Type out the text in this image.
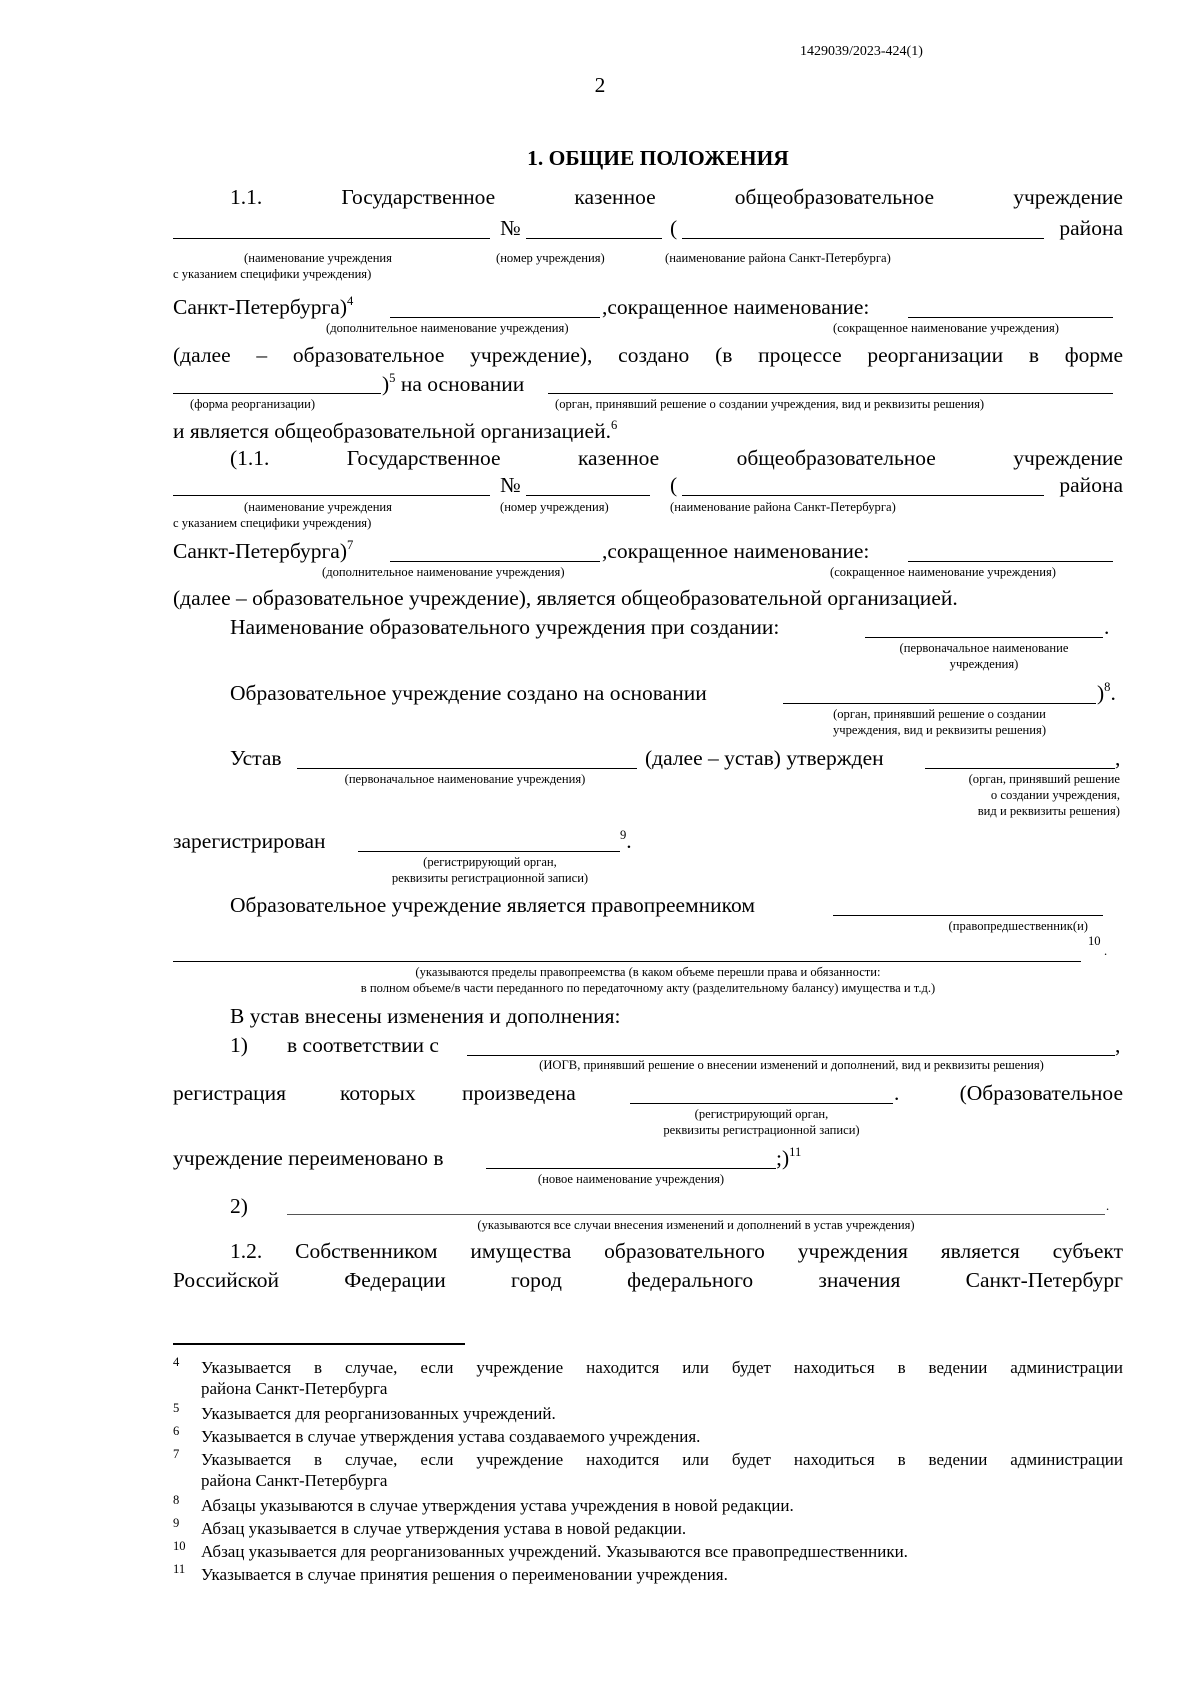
1429039/2023-424(1)
2
1. ОБЩИЕ ПОЛОЖЕНИЯ
1.1.	Государственное	казенное	общеобразовательное	учреждение
№	(	района
(наименование учреждения
с указанием специфики учреждения)
(номер учреждения)	(наименование района Санкт-Петербурга)
Санкт-Петербурга)$^4$	,сокращенное наименование:
(дополнительное наименование учреждения)	(сокращенное наименование учреждения)
(далее – образовательное учреждение), создано (в процессе реорганизации в форме
)$^5$ на основании
(форма реорганизации)	(орган, принявший решение о создании учреждения, вид и реквизиты решения)
и является общеобразовательной организацией.$^6$
(1.1.	Государственное	казенное	общеобразовательное	учреждение
№	(	района
(наименование учреждения
с указанием специфики учреждения)
(номер учреждения)	(наименование района Санкт-Петербурга)
Санкт-Петербурга)$^7$	,сокращенное наименование:
(дополнительное наименование учреждения)	(сокращенное наименование учреждения)
(далее – образовательное учреждение), является общеобразовательной организацией.
Наименование образовательного учреждения при создании:	.
(первоначальное наименование
учреждения)
Образовательное учреждение создано на основании	)$^8$.
(орган, принявший решение о создании
учреждения, вид и реквизиты решения)
Устав	(далее – устав) утвержден	,
(первоначальное наименование учреждения)	(орган, принявший решение
о создании учреждения,
вид и реквизиты решения)
зарегистрирован	$^9$.
(регистрирующий орган,
реквизиты регистрационной записи)
Образовательное учреждение является правопреемником
(правопредшественник(и)
10
.
(указываются пределы правопреемства (в каком объеме перешли права и обязанности:
в полном объеме/в части переданного по передаточному акту (разделительному балансу) имущества и т.д.)
В устав внесены изменения и дополнения:
1) в соответствии с	,
(ИОГВ, принявший решение о внесении изменений и дополнений, вид и реквизиты решения)
регистрация	которых произведена	.	(Образовательное
(регистрирующий орган,
реквизиты регистрационной записи)
учреждение переименовано в	;)$^{11}$
(новое наименование учреждения)
2)	.
(указываются все случаи внесения изменений и дополнений в устав учреждения)
1.2. Собственником имущества образовательного учреждения является субъект
Российской	Федерации	город	федерального	значения	Санкт-Петербург
4 Указывается в случае, если учреждение находится или будет находиться в ведении администрации
района Санкт-Петербурга
5 Указывается для реорганизованных учреждений.
6 Указывается в случае утверждения устава создаваемого учреждения.
7 Указывается в случае, если учреждение находится или будет находиться в ведении администрации
района Санкт-Петербурга
8 Абзацы указываются в случае утверждения устава учреждения в новой редакции.
9 Абзац указывается в случае утверждения устава в новой редакции.
10 Абзац указывается для реорганизованных учреждений. Указываются все правопредшественники.
11 Указывается в случае принятия решения о переименовании учреждения.
